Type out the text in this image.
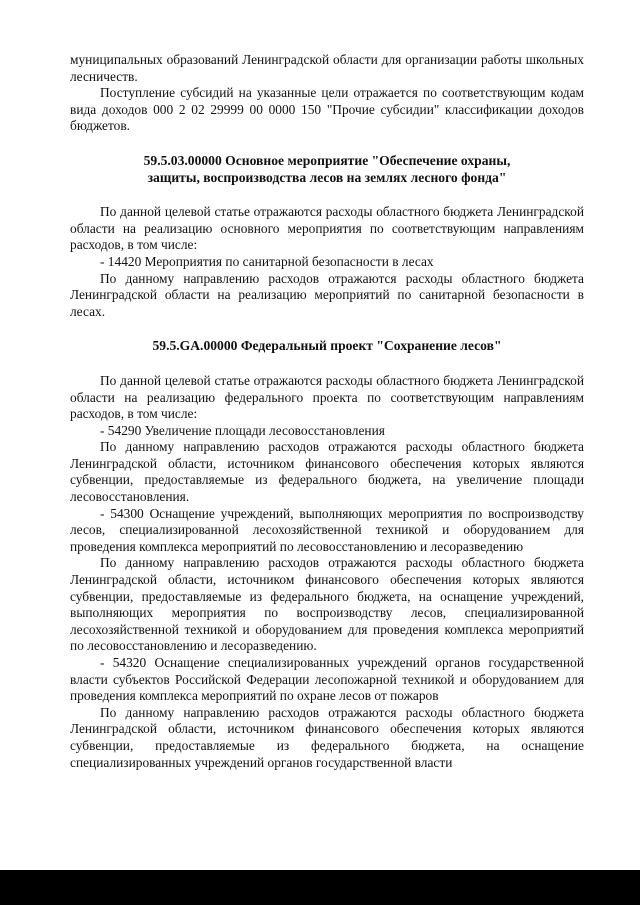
муниципальных образований Ленинградской области для организации работы школьных лесничеств.

Поступление субсидий на указанные цели отражается по соответствующим кодам вида доходов 000 2 02 29999 00 0000 150 "Прочие субсидии" классификации доходов бюджетов.

59.5.03.00000 Основное мероприятие "Обеспечение охраны,

защиты, воспроизводства лесов на землях лесного фонда"

По данной целевой статье отражаются расходы областного бюджета Ленинградской области на реализацию основного мероприятия по соответствующим направлениям расходов, в том числе:

- 14420 Мероприятия по санитарной безопасности в лесах

По данному направлению расходов отражаются расходы областного бюджета Ленинградской области на реализацию мероприятий по санитарной безопасности в лесах.

59.5.GA.00000 Федеральный проект "Сохранение лесов"

По данной целевой статье отражаются расходы областного бюджета Ленинградской области на реализацию федерального проекта по соответствующим направлениям расходов, в том числе:

- 54290 Увеличение площади лесовосстановления

По данному направлению расходов отражаются расходы областного бюджета Ленинградской области, источником финансового обеспечения которых являются субвенции, предоставляемые из федерального бюджета, на увеличение площади лесовосстановления.

- 54300 Оснащение учреждений, выполняющих мероприятия по воспроизводству лесов, специализированной лесохозяйственной техникой и оборудованием для проведения комплекса мероприятий по лесовосстановлению и лесоразведению

По данному направлению расходов отражаются расходы областного бюджета Ленинградской области, источником финансового обеспечения которых являются субвенции, предоставляемые из федерального бюджета, на оснащение учреждений, выполняющих мероприятия по воспроизводству лесов, специализированной лесохозяйственной техникой и оборудованием для проведения комплекса мероприятий по лесовосстановлению и лесоразведению.

- 54320 Оснащение специализированных учреждений органов государственной власти субъектов Российской Федерации лесопожарной техникой и оборудованием для проведения комплекса мероприятий по охране лесов от пожаров

По данному направлению расходов отражаются расходы областного бюджета Ленинградской области, источником финансового обеспечения которых являются субвенции, предоставляемые из федерального бюджета, на оснащение специализированных учреждений органов государственной власти
